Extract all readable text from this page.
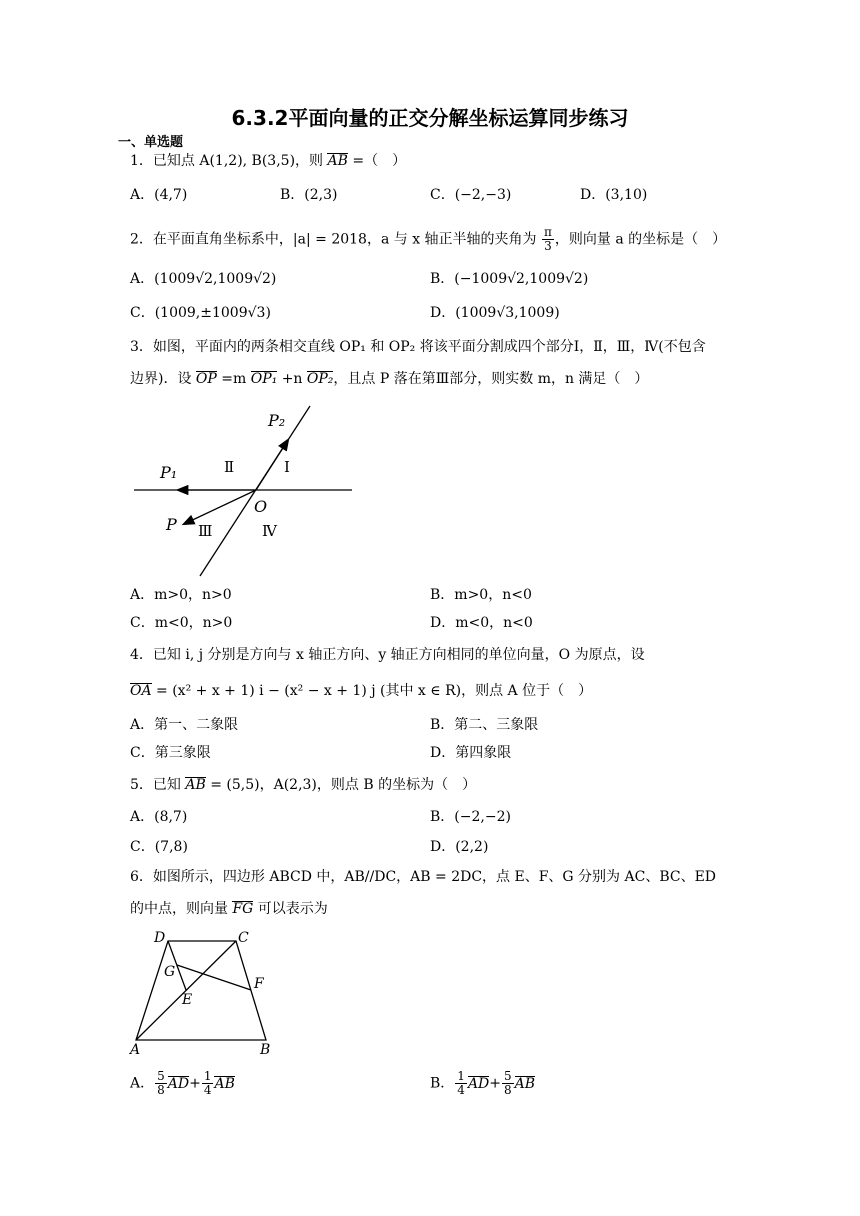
6.3.2平面向量的正交分解坐标运算同步练习
一、单选题
1．已知点 A(1,2), B(3,5)，则 AB =（　）
A．(4,7)	B．(2,3)	C．(−2,−3)	D．(3,10)
2．在平面直角坐标系中，|a| = 2018，a 与 x 轴正半轴的夹角为 $\frac{\pi}{3}$ ，则向量 a 的坐标是（　）
A．(1009√2,1009√2)	B．(−1009√2,1009√2)
C．(1009,±1009√3)	D．(1009√3,1009)
3．如图，平面内的两条相交直线 OP₁ 和 OP₂ 将该平面分割成四个部分Ⅰ，Ⅱ，Ⅲ，Ⅳ(不包含
边界)．设 OP =m OP₁ +n OP₂，且点 P 落在第Ⅲ部分，则实数 m，n 满足（　）
P₂
P₁	Ⅱ	Ⅰ
O
P Ⅲ	Ⅳ
A．m>0，n>0	B．m>0，n<0
C．m<0，n>0	D．m<0，n<0
4．已知 i, j 分别是方向与 x 轴正方向、y 轴正方向相同的单位向量，O 为原点，设
OA = (x² + x + 1) i − (x² − x + 1) j (其中 x ∈ R)，则点 A 位于（　）
A．第一、二象限	B．第二、三象限
C．第三象限	D．第四象限
5．已知 AB = (5,5)，A(2,3)，则点 B 的坐标为（　）
A．(8,7)	B．(−2,−2)
C．(7,8)	D．(2,2)
6．如图所示，四边形 ABCD 中，AB//DC，AB = 2DC，点 E、F、G 分别为 AC、BC、ED
的中点，则向量 FG 可以表示为
D	C
G
F
E
A	B
A． $\frac{5}{8} AD+ \frac{1}{4}$ AB	B． $\frac{1}{4} AD+ \frac{5}{8}$ AB
